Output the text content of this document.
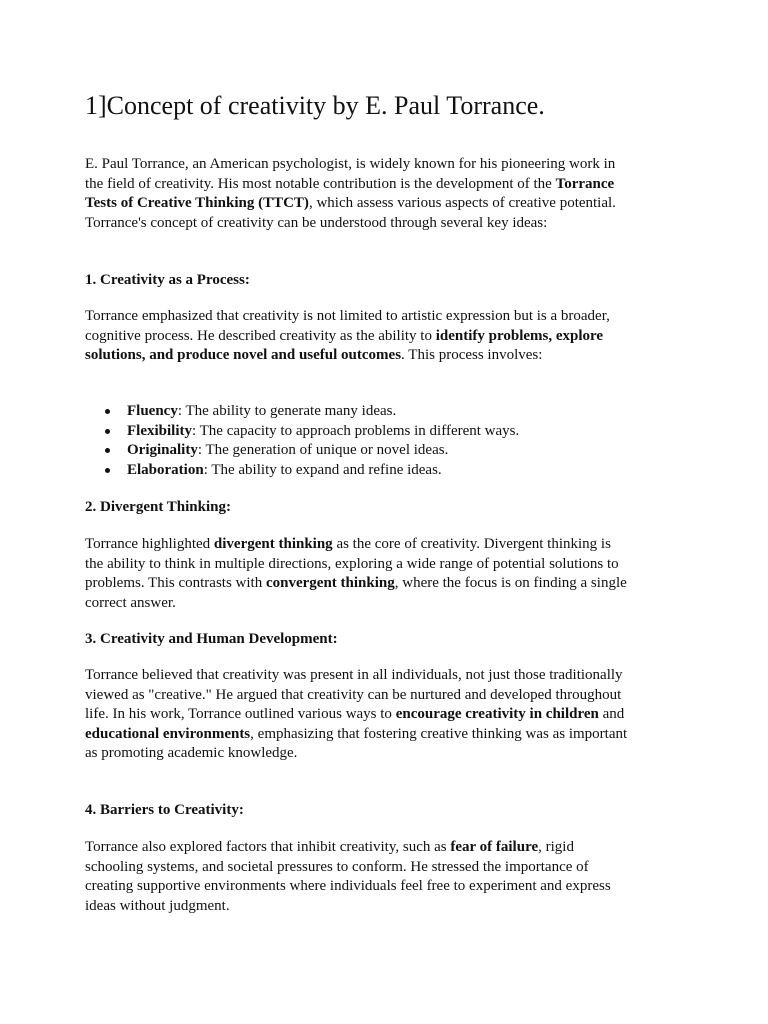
1]Concept of creativity by E. Paul Torrance.

E. Paul Torrance, an American psychologist, is widely known for his pioneering work in the field of creativity. His most notable contribution is the development of the Torrance Tests of Creative Thinking (TTCT), which assess various aspects of creative potential. Torrance's concept of creativity can be understood through several key ideas:

1. Creativity as a Process:

Torrance emphasized that creativity is not limited to artistic expression but is a broader, cognitive process. He described creativity as the ability to identify problems, explore solutions, and produce novel and useful outcomes. This process involves:

Fluency: The ability to generate many ideas.
Flexibility: The capacity to approach problems in different ways.
Originality: The generation of unique or novel ideas.
Elaboration: The ability to expand and refine ideas.
2. Divergent Thinking:

Torrance highlighted divergent thinking as the core of creativity. Divergent thinking is the ability to think in multiple directions, exploring a wide range of potential solutions to problems. This contrasts with convergent thinking, where the focus is on finding a single correct answer.

3. Creativity and Human Development:

Torrance believed that creativity was present in all individuals, not just those traditionally viewed as "creative." He argued that creativity can be nurtured and developed throughout life. In his work, Torrance outlined various ways to encourage creativity in children and educational environments, emphasizing that fostering creative thinking was as important as promoting academic knowledge.

4. Barriers to Creativity:

Torrance also explored factors that inhibit creativity, such as fear of failure, rigid schooling systems, and societal pressures to conform. He stressed the importance of creating supportive environments where individuals feel free to experiment and express ideas without judgment.
